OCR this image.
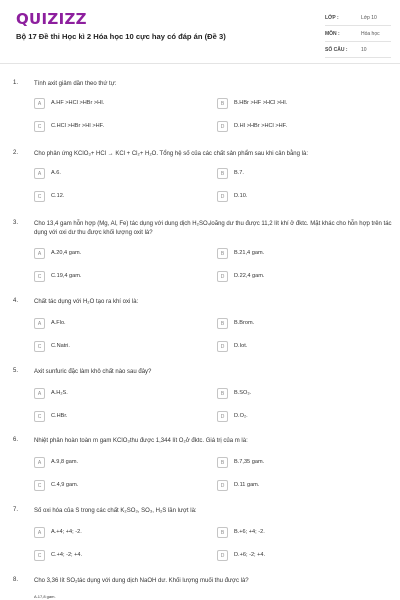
QUIZIZZ
Bộ 17 Đề thi Học kì 2 Hóa học 10 cực hay có đáp án (Đề 3)
LỚP :	Lớp 10
MÔN :	Hóa học
SỐ CÂU :	10
1.	Tính axit giảm dần theo thứ tự:
A	A.HF >HCl >HBr >HI.	B	B.HBr >HF >HCl >HI.
C	C.HCl >HBr >HI >HF.	D	D.HI >HBr >HCl >HF.
2.	Cho phản ứng KClO₃+ HCl → KCl + Cl₂+ H₂O. Tổng hệ số của các chất sản phẩm sau khi cân bằng là:
A	A.6.	B	B.7.
C	C.12.	D	D.10.
3.	Cho 13,4 gam hỗn hợp (Mg, Al, Fe) tác dụng với dung dịch H₂SO₄loãng dư thu được 11,2 lít khí ở đktc. Mặt khác cho hỗn hợp trên tác dụng với oxi dư thu được khối lượng oxit là?
A	A.20,4 gam.	B	B.21,4 gam.
C	C.19,4 gam.	D	D.22,4 gam.
4.	Chất tác dụng với H₂O tạo ra khí oxi là:
A	A.Flo.	B	B.Brom.
C	C.Natri.	D	D.Iot.
5.	Axit sunfuric đặc làm khô chất nào sau đây?
A	A.H₂S.	B	B.SO₃.
C	C.HBr.	D	D.O₂.
6.	Nhiệt phân hoàn toàn m gam KClO₃thu được 1,344 lít O₂ở đktc. Giá trị của m là:
A	A.9,8 gam.	B	B.7,35 gam.
C	C.4,9 gam.	D	D.11 gam.
7.	Số oxi hóa của S trong các chất K₂SO₃, SO₃, H₂S lần lượt là:
A	A.+4; +4; -2.	B	B.+6; +4; -2.
C	C.+4; -2; +4.	D	D.+6; -2; +4.
8.	Cho 3,36 lít SO₂tác dụng với dung dịch NaOH dư. Khối lượng muối thu được là?
A.17,8 gam.
